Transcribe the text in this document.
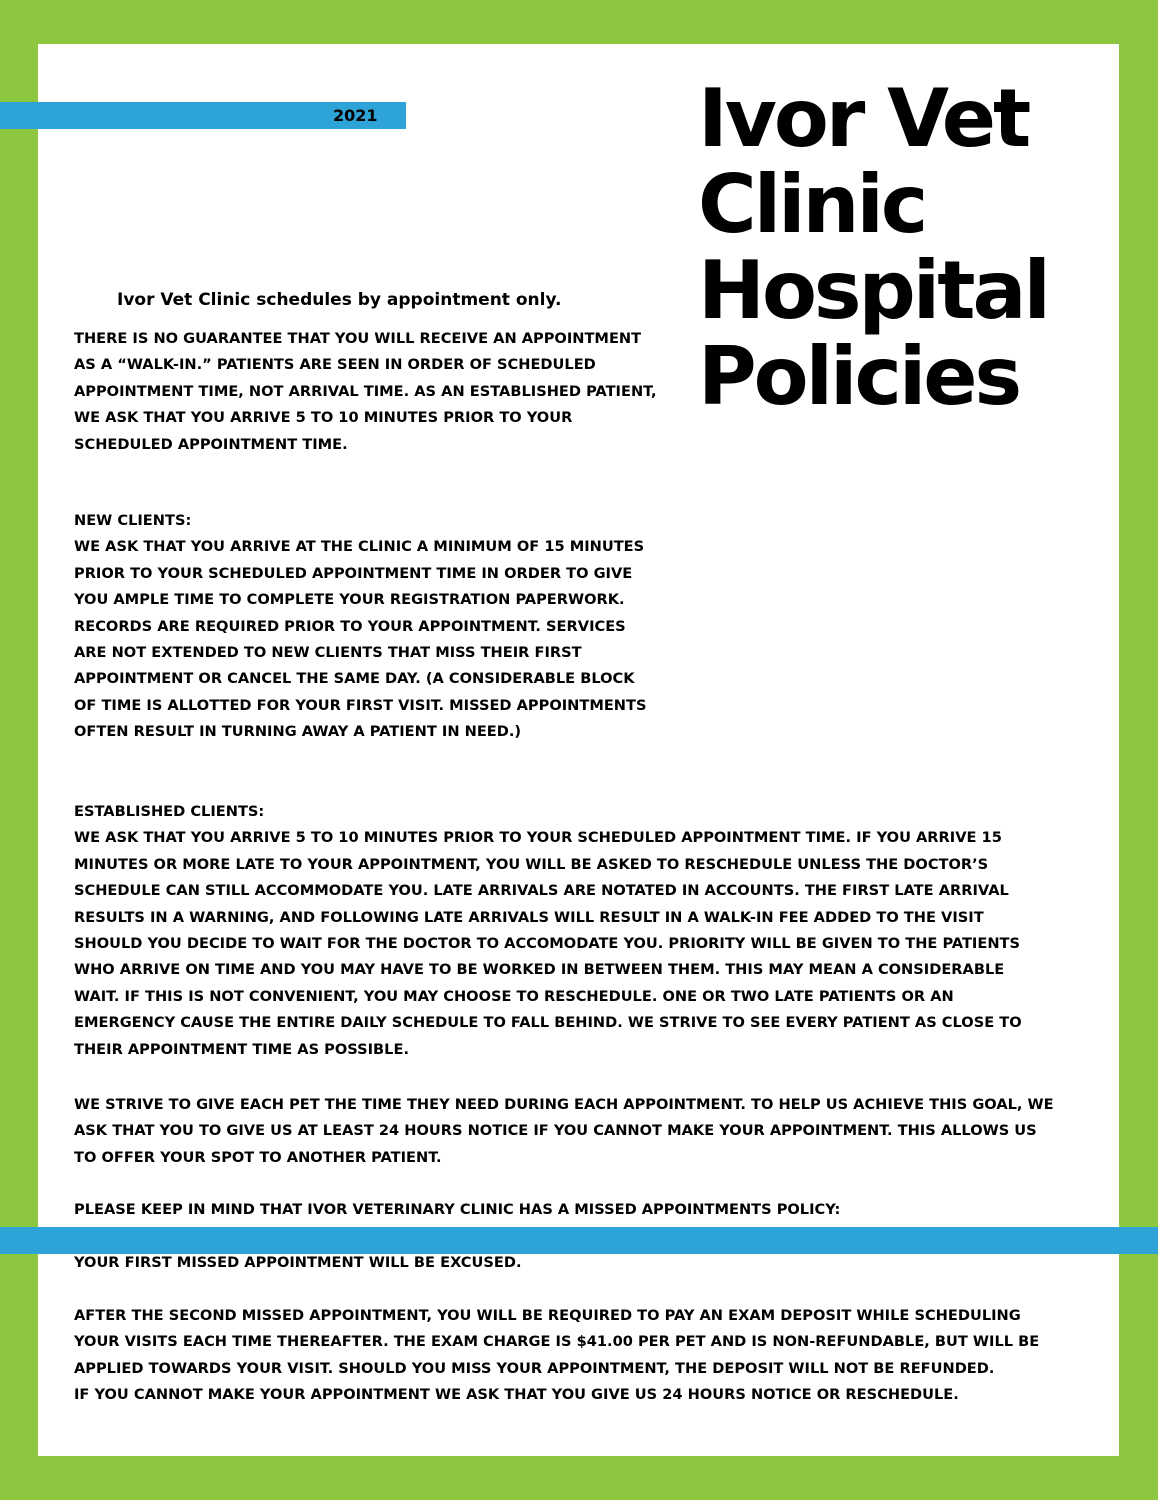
2021	Ivor Vet
Clinic
Hospital
Policies
Ivor Vet Clinic schedules by appointment only.

THERE IS NO GUARANTEE THAT YOU WILL RECEIVE AN APPOINTMENT
AS A “WALK-IN.” PATIENTS ARE SEEN IN ORDER OF SCHEDULED
APPOINTMENT TIME, NOT ARRIVAL TIME. AS AN ESTABLISHED PATIENT,
WE ASK THAT YOU ARRIVE 5 TO 10 MINUTES PRIOR TO YOUR
SCHEDULED APPOINTMENT TIME.

NEW CLIENTS:
WE ASK THAT YOU ARRIVE AT THE CLINIC A MINIMUM OF 15 MINUTES
PRIOR TO YOUR SCHEDULED APPOINTMENT TIME IN ORDER TO GIVE
YOU AMPLE TIME TO COMPLETE YOUR REGISTRATION PAPERWORK.
RECORDS ARE REQUIRED PRIOR TO YOUR APPOINTMENT. SERVICES
ARE NOT EXTENDED TO NEW CLIENTS THAT MISS THEIR FIRST
APPOINTMENT OR CANCEL THE SAME DAY. (A CONSIDERABLE BLOCK
OF TIME IS ALLOTTED FOR YOUR FIRST VISIT. MISSED APPOINTMENTS
OFTEN RESULT IN TURNING AWAY A PATIENT IN NEED.)

ESTABLISHED CLIENTS:
WE ASK THAT YOU ARRIVE 5 TO 10 MINUTES PRIOR TO YOUR SCHEDULED APPOINTMENT TIME. IF YOU ARRIVE 15
MINUTES OR MORE LATE TO YOUR APPOINTMENT, YOU WILL BE ASKED TO RESCHEDULE UNLESS THE DOCTOR’S
SCHEDULE CAN STILL ACCOMMODATE YOU. LATE ARRIVALS ARE NOTATED IN ACCOUNTS. THE FIRST LATE ARRIVAL
RESULTS IN A WARNING, AND FOLLOWING LATE ARRIVALS WILL RESULT IN A WALK-IN FEE ADDED TO THE VISIT
SHOULD YOU DECIDE TO WAIT FOR THE DOCTOR TO ACCOMODATE YOU. PRIORITY WILL BE GIVEN TO THE PATIENTS
WHO ARRIVE ON TIME AND YOU MAY HAVE TO BE WORKED IN BETWEEN THEM. THIS MAY MEAN A CONSIDERABLE
WAIT. IF THIS IS NOT CONVENIENT, YOU MAY CHOOSE TO RESCHEDULE. ONE OR TWO LATE PATIENTS OR AN
EMERGENCY CAUSE THE ENTIRE DAILY SCHEDULE TO FALL BEHIND. WE STRIVE TO SEE EVERY PATIENT AS CLOSE TO
THEIR APPOINTMENT TIME AS POSSIBLE.

WE STRIVE TO GIVE EACH PET THE TIME THEY NEED DURING EACH APPOINTMENT. TO HELP US ACHIEVE THIS GOAL, WE
ASK THAT YOU TO GIVE US AT LEAST 24 HOURS NOTICE IF YOU CANNOT MAKE YOUR APPOINTMENT. THIS ALLOWS US
TO OFFER YOUR SPOT TO ANOTHER PATIENT.

PLEASE KEEP IN MIND THAT IVOR VETERINARY CLINIC HAS A MISSED APPOINTMENTS POLICY:

YOUR FIRST MISSED APPOINTMENT WILL BE EXCUSED.

AFTER THE SECOND MISSED APPOINTMENT, YOU WILL BE REQUIRED TO PAY AN EXAM DEPOSIT WHILE SCHEDULING
YOUR VISITS EACH TIME THEREAFTER. THE EXAM CHARGE IS $41.00 PER PET AND IS NON-REFUNDABLE, BUT WILL BE
APPLIED TOWARDS YOUR VISIT. SHOULD YOU MISS YOUR APPOINTMENT, THE DEPOSIT WILL NOT BE REFUNDED.
IF YOU CANNOT MAKE YOUR APPOINTMENT WE ASK THAT YOU GIVE US 24 HOURS NOTICE OR RESCHEDULE.
